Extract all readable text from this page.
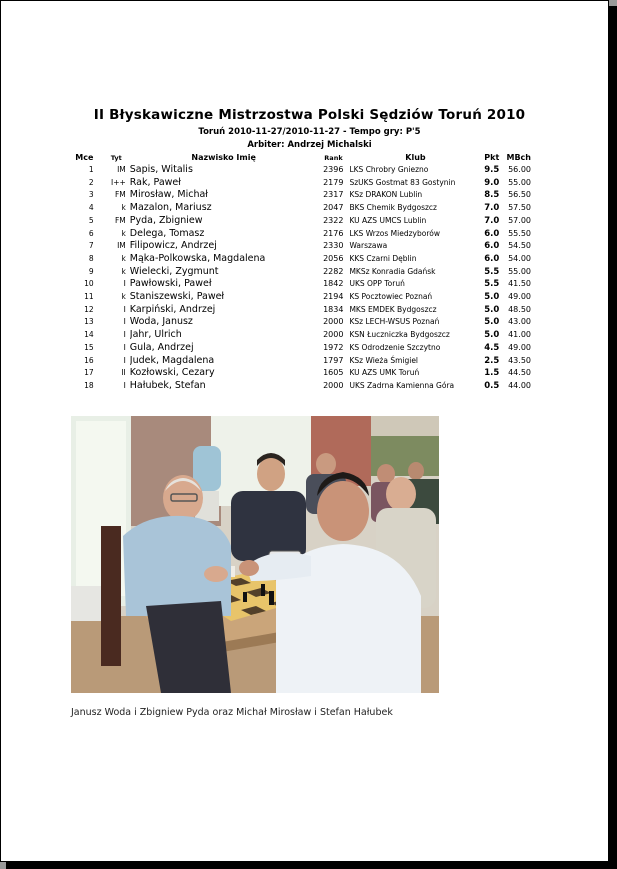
II Błyskawiczne Mistrzostwa Polski Sędziów Toruń 2010
Toruń 2010-11-27/2010-11-27 - Tempo gry: P'5
Arbiter: Andrzej Michalski
Mce	Tyt	Nazwisko Imię	Rank	Klub	Pkt	MBch
1	IM	Sapis, Witalis	2396	LKS Chrobry Gniezno	9.5	56.00
2	I++	Rak, Paweł	2179	SzUKS Gostmat 83 Gostynin	9.0	55.00
3	FM	Mirosław, Michał	2317	KSz DRAKON Lublin	8.5	56.50
4	k	Mazalon, Mariusz	2047	BKS Chemik Bydgoszcz	7.0	57.50
5	FM	Pyda, Zbigniew	2322	KU AZS UMCS Lublin	7.0	57.00
6	k	Delega, Tomasz	2176	LKS Wrzos Miedzyborów	6.0	55.50
7	IM	Filipowicz, Andrzej	2330	Warszawa	6.0	54.50
8	k	Mąka-Polkowska, Magdalena	2056	KKS Czarni Dęblin	6.0	54.00
9	k	Wielecki, Zygmunt	2282	MKSz Konradia Gdańsk	5.5	55.00
10	I	Pawłowski, Paweł	1842	UKS OPP Toruń	5.5	41.50
11	k	Staniszewski, Paweł	2194	KS Pocztowiec Poznań	5.0	49.00
12	I	Karpiński, Andrzej	1834	MKS EMDEK Bydgoszcz	5.0	48.50
13	I	Woda, Janusz	2000	KSz LECH-WSUS Poznań	5.0	43.00
14	I	Jahr, Ulrich	2000	KSN Łuczniczka Bydgoszcz	5.0	41.00
15	I	Gula, Andrzej	1972	KS Odrodzenie Szczytno	4.5	49.00
16	I	Judek, Magdalena	1797	KSz Wieża Śmigiel	2.5	43.50
17	II	Kozłowski, Cezary	1605	KU AZS UMK Toruń	1.5	44.50
18	I	Hałubek, Stefan	2000	UKS Zadrna Kamienna Góra	0.5	44.00
Janusz Woda i Zbigniew Pyda oraz Michał Mirosław i Stefan Hałubek
